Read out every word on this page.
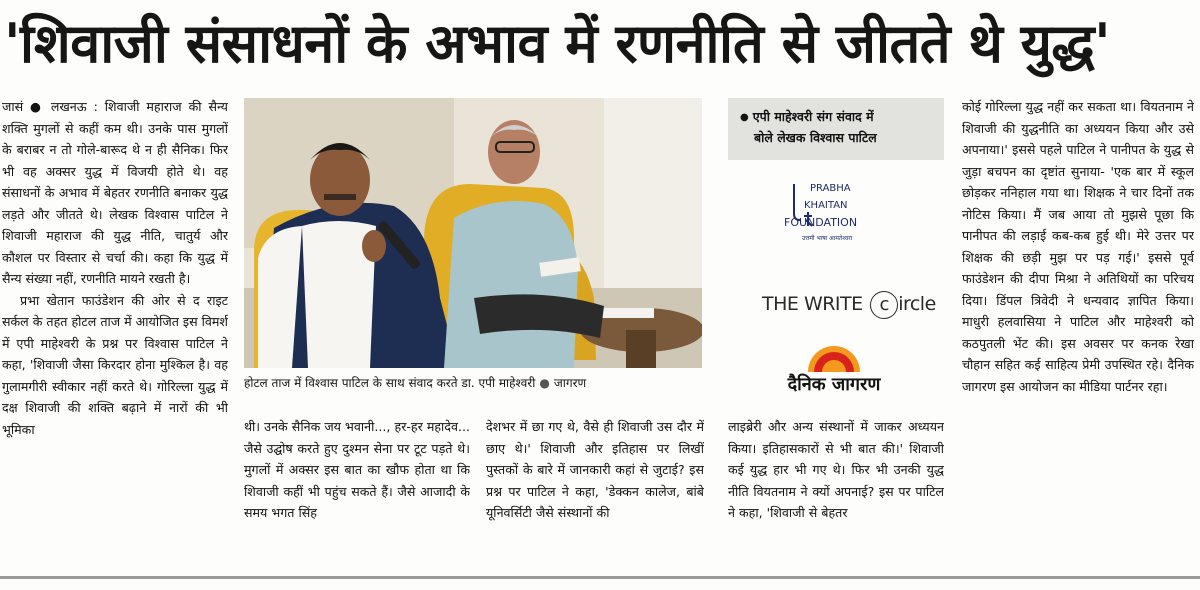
'शिवाजी संसाधनों के अभाव में रणनीति से जीतते थे युद्ध'

जासं ● लखनऊ : शिवाजी महाराज की सैन्य शक्ति मुगलों से कहीं कम थी। उनके पास मुगलों के बराबर न तो गोले-बारूद थे न ही सैनिक। फिर भी वह अक्सर युद्ध में विजयी होते थे। वह संसाधनों के अभाव में बेहतर रणनीति बनाकर युद्ध लड़ते और जीतते थे। लेखक विश्वास पाटिल ने शिवाजी महाराज की युद्ध नीति, चातुर्य और कौशल पर विस्तार से चर्चा की। कहा कि युद्ध में सैन्य संख्या नहीं, रणनीति मायने रखती है।

प्रभा खेतान फाउंडेशन की ओर से द राइट सर्कल के तहत होटल ताज में आयोजित इस विमर्श में एपी माहेश्वरी के प्रश्न पर विश्वास पाटिल ने कहा, 'शिवाजी जैसा किरदार होना मुश्किल है। वह गुलामगीरी स्वीकार नहीं करते थे। गोरिल्ला युद्ध में दक्ष शिवाजी की शक्ति बढ़ाने में नारों की भी भूमिका	थी। उनके सैनिक जय भवानी..., हर-हर महादेव... जैसे उद्घोष करते हुए दुश्मन सेना पर टूट पड़ते थे। मुगलों में अक्सर इस बात का खौफ होता था कि शिवाजी कहीं भी पहुंच सकते हैं। जैसे आजादी के समय भगत सिंह

देशभर में छा गए थे, वैसे ही शिवाजी उस दौर में छाए थे।' शिवाजी और इतिहास पर लिखीं पुस्तकों के बारे में जानकारी कहां से जुटाई? इस प्रश्न पर पाटिल ने कहा, 'डेक्कन कालेज, बांबे यूनिवर्सिटी जैसे संस्थानों की

लाइब्रेरी और अन्य संस्थानों में जाकर अध्ययन किया। इतिहासकारों से भी बात की।' शिवाजी कई युद्ध हार भी गए थे। फिर भी उनकी युद्ध नीति वियतनाम ने क्यों अपनाई? इस पर पाटिल ने कहा, 'शिवाजी से बेहतर

कोई गोरिल्ला युद्ध नहीं कर सकता था। वियतनाम ने शिवाजी की युद्धनीति का अध्ययन किया और उसे अपनाया।' इससे पहले पाटिल ने पानीपत के युद्ध से जुड़ा बचपन का दृष्टांत सुनाया- 'एक बार में स्कूल छोड़कर ननिहाल गया था। शिक्षक ने चार दिनों तक नोटिस किया। मैं जब आया तो मुझसे पूछा कि पानीपत की लड़ाई कब-कब हुई थी। मेरे उत्तर पर शिक्षक की छड़ी मुझ पर पड़ गई।' इससे पूर्व फाउंडेशन की दीपा मिश्रा ने अतिथियों का परिचय दिया। डिंपल त्रिवेदी ने धन्यवाद ज्ञापित किया। माधुरी हलवासिया ने पाटिल और माहेश्वरी को कठपुतली भेंट की। इस अवसर पर कनक रेखा चौहान सहित कई साहित्य प्रेमी उपस्थित रहे। दैनिक जागरण इस आयोजन का मीडिया पार्टनर रहा।

होटल ताज में विश्वास पाटिल के साथ संवाद करते डा. एपी माहेश्वरी ● जागरण
● एपी माहेश्वरी संग संवाद में
बोले लेखक विश्वास पाटिल
PRABHA
KHAITAN
FOUNDATION
उत्तमी भाषा आमतेश्वरा
THE WRITE c ircle
दैनिक जागरण
